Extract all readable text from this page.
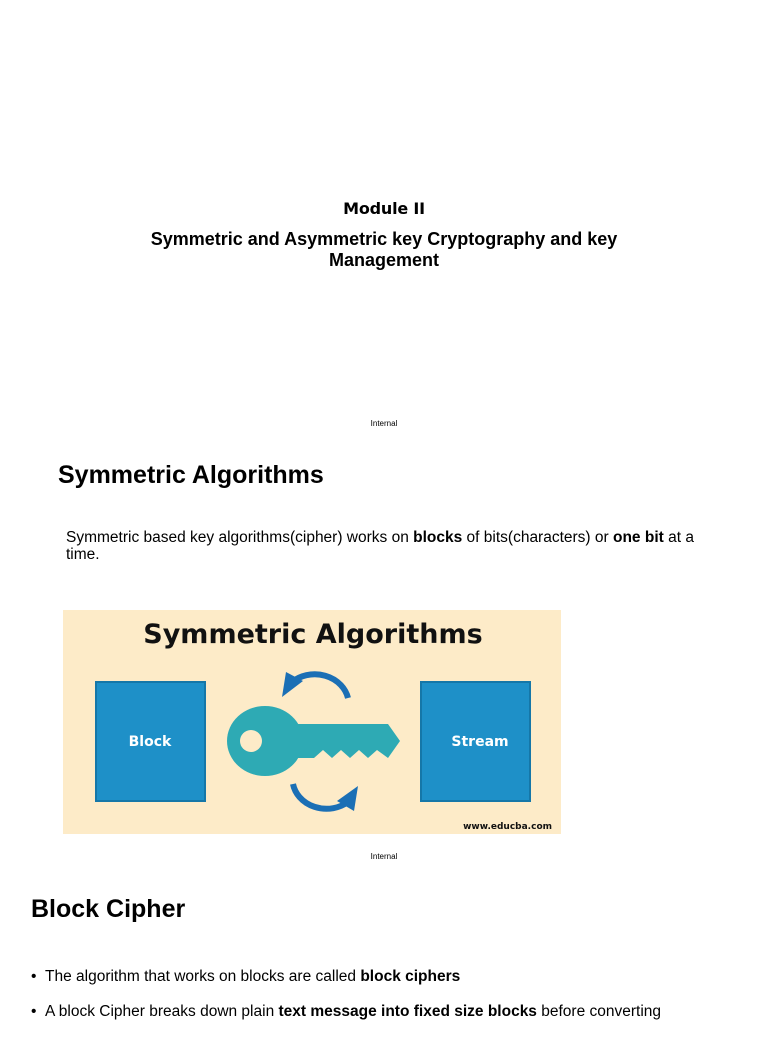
Module II
Symmetric and Asymmetric key Cryptography and key Management
Internal
Symmetric Algorithms
Symmetric based key algorithms(cipher) works on blocks of bits(characters) or one bit at a time.
Symmetric Algorithms
Block	Stream
www.educba.com
Internal
Block Cipher
• The algorithm that works on blocks are called block ciphers
• A block Cipher breaks down plain text message into fixed size blocks before converting
